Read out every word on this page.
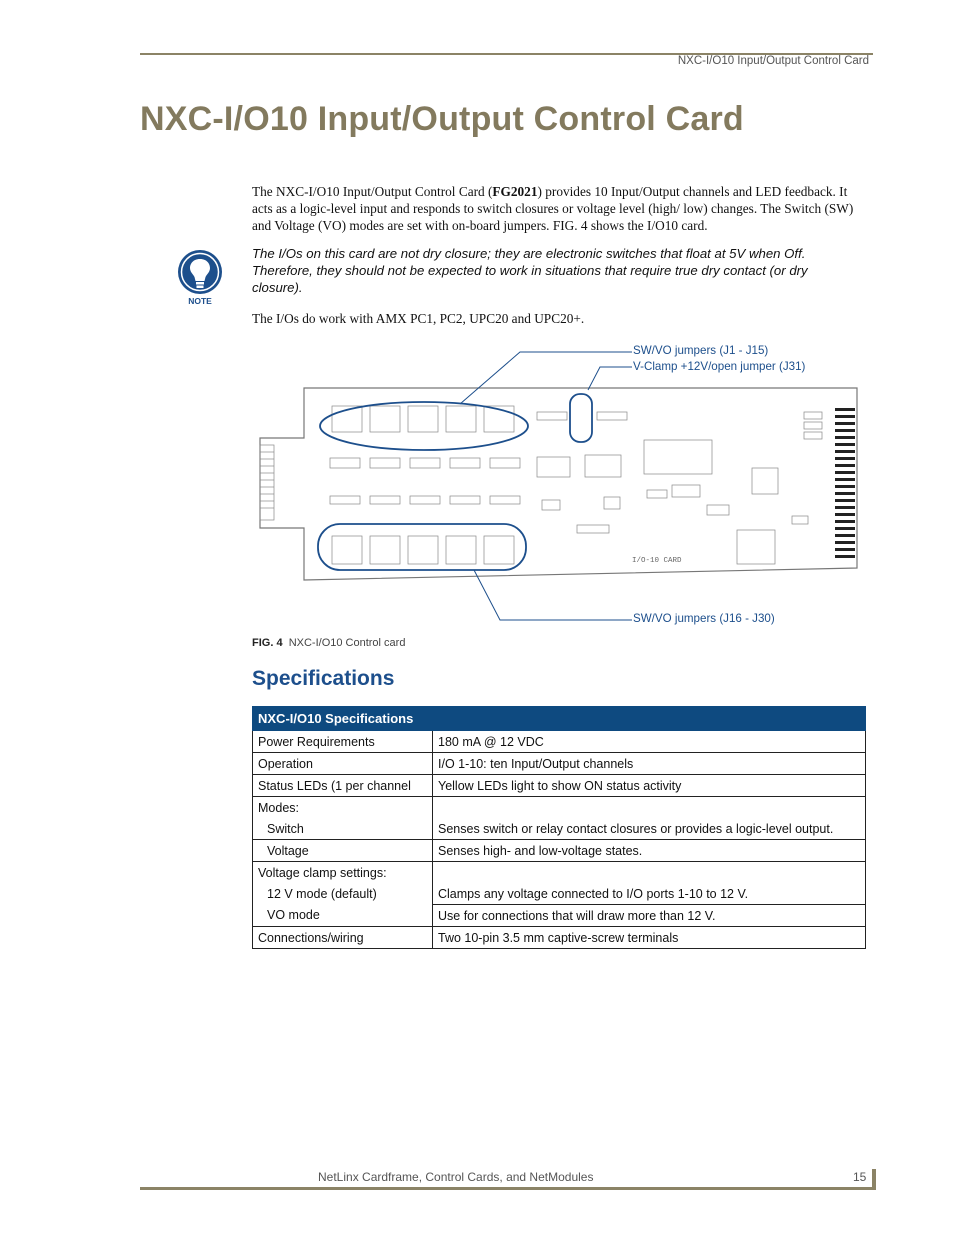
NXC-I/O10 Input/Output Control Card
NXC-I/O10 Input/Output Control Card

The NXC-I/O10 Input/Output Control Card (FG2021) provides 10 Input/Output channels and LED feedback. It acts as a logic-level input and responds to switch closures or voltage level (high/ low) changes. The Switch (SW) and Voltage (VO) modes are set with on-board jumpers. FIG. 4 shows the I/O10 card.

NOTE

The I/Os on this card are not dry closure; they are electronic switches that float at 5V when Off. Therefore, they should not be expected to work in situations that require true dry contact (or dry closure).

The I/Os do work with AMX PC1, PC2, UPC20 and UPC20+.

I/O-10 CARD
SW/VO jumpers (J1 - J15)
V-Clamp +12V/open jumper (J31)
SW/VO jumpers (J16 - J30)
FIG. 4 NXC-I/O10 Control card
Specifications
NXC-I/O10 Specifications	
Power Requirements	180 mA @ 12 VDC
Operation	I/O 1-10: ten Input/Output channels
Status LEDs (1 per channel	Yellow LEDs light to show ON status activity
Modes:	
Switch	Senses switch or relay contact closures or provides a logic-level output.
Voltage	Senses high- and low-voltage states.
Voltage clamp settings:	
12 V mode (default)	Clamps any voltage connected to I/O ports 1-10 to 12 V.
VO mode	Use for connections that will draw more than 12 V.
Connections/wiring	Two 10-pin 3.5 mm captive-screw terminals
NetLinx Cardframe, Control Cards, and NetModules	15
